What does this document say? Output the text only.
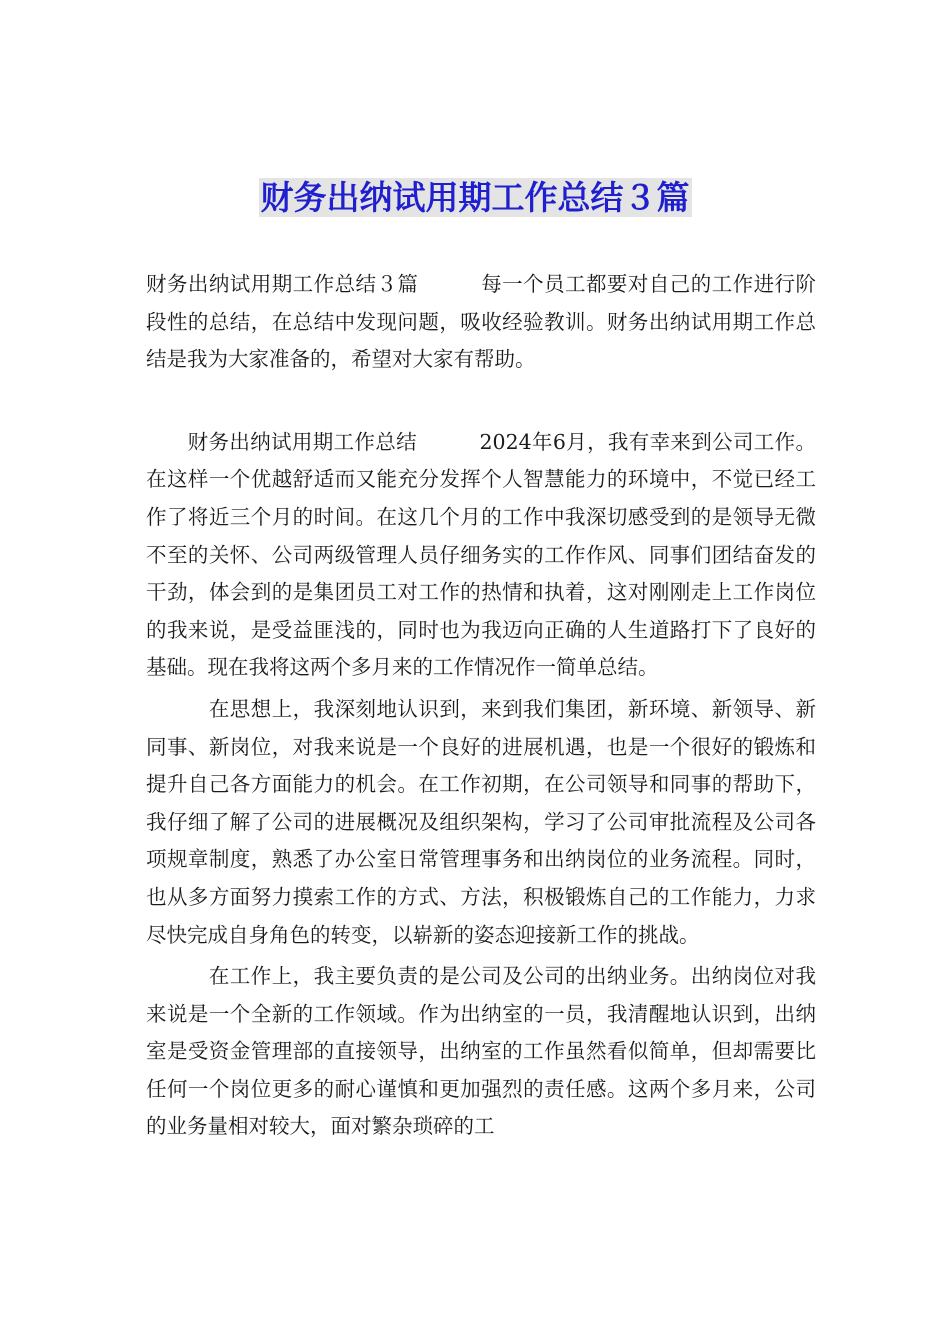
财务出纳试用期工作总结３篇

财务出纳试用期工作总结３篇　　　每一个员工都要对自己的工作进行阶段性的总结，在总结中发现问题，吸收经验教训。财务出纳试用期工作总结是我为大家准备的，希望对大家有帮助。

　　财务出纳试用期工作总结　　　2024年6月，我有幸来到公司工作。在这样一个优越舒适而又能充分发挥个人智慧能力的环境中，不觉已经工作了将近三个月的时间。在这几个月的工作中我深切感受到的是领导无微不至的关怀、公司两级管理人员仔细务实的工作作风、同事们团结奋发的干劲，体会到的是集团员工对工作的热情和执着，这对刚刚走上工作岗位的我来说，是受益匪浅的，同时也为我迈向正确的人生道路打下了良好的基础。现在我将这两个多月来的工作情况作一简单总结。

　　　在思想上，我深刻地认识到，来到我们集团，新环境、新领导、新同事、新岗位，对我来说是一个良好的进展机遇，也是一个很好的锻炼和提升自己各方面能力的机会。在工作初期，在公司领导和同事的帮助下，我仔细了解了公司的进展概况及组织架构，学习了公司审批流程及公司各项规章制度，熟悉了办公室日常管理事务和出纳岗位的业务流程。同时，也从多方面努力摸索工作的方式、方法，积极锻炼自己的工作能力，力求尽快完成自身角色的转变，以崭新的姿态迎接新工作的挑战。

　　　在工作上，我主要负责的是公司及公司的出纳业务。出纳岗位对我来说是一个全新的工作领域。作为出纳室的一员，我清醒地认识到，出纳室是受资金管理部的直接领导，出纳室的工作虽然看似简单，但却需要比任何一个岗位更多的耐心谨慎和更加强烈的责任感。这两个多月来，公司的业务量相对较大，面对繁杂琐碎的工
